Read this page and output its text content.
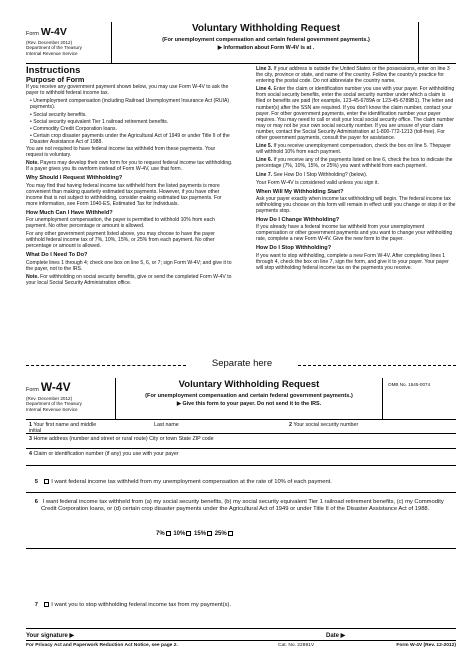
Form W-4V
(Rev. December 2012)
Department of the Treasury
Internal Revenue Service
Voluntary Withholding Request
(For unemployment compensation and certain federal government payments.)
▶ Information about Form W-4V is at .
Instructions
Purpose of Form
If you receive any government payment shown below, you may use Form W-4V to ask the payer to withhold federal income tax.
• Unemployment compensation (including Railroad Unemployment Insurance Act (RUIA) payments).
• Social security benefits.
• Social security equivalent Tier 1 railroad retirement benefits.
• Commodity Credit Corporation loans.
• Certain crop disaster payments under the Agricultural Act of 1949 or under Title II of the Disaster Assistance Act of 1988.
You are not required to have federal income tax withheld from these payments. Your request is voluntary.
Note. Payers may develop their own form for you to request federal income tax withholding. If a payer gives you its ownform instead of Form W-4V, use that form.
Why Should I Request Withholding?
You may find that having federal income tax withheld from the listed payments is more convenient than making quarterly estimated tax payments. However, if you have other income that is not subject to withholding, consider making estimated tax payments. For more information, see Form 1040-ES, Estimated Tax for Individuals.
How Much Can I Have Withheld?
For unemployment compensation, the payer is permitted to withhold 10% from each payment. No other percentage or amount is allowed.
For any other government payment listed above, you may choose to have the payer withhold federal income tax of 7%, 10%, 15%, or 25% from each payment. No other percentage or amount is allowed.
What Do I Need To Do?
Complete lines 1 through 4; check one box on line 5, 6, or 7; sign Form W-4V; and give it to the payer, not to the IRS.
Note. For withholding on social security benefits, give or send the completed Form W-4V to your local Social Security Administration office.
Line 3. If your address is outside the United States or the possessions, enter on line 3 the city, province or state, and name of the country. Follow the country's practice for entering the postal code. Do not abbreviate the country name.
Line 4. Enter the claim or identification number you use with your payer. For withholding from social security benefits, enter the social security number under which a claim is filed or benefits are paid (for example, 123-45-6789A or 123-45-6789B1). The letter and number(s) after the SSN are required. If you don't know the claim number, contact your payer. For other government payments, enter the identification number your payer requires. You may need to call or visit your local social security office. The claim number may or may not be your own social security number. If you are unsure of your claim number, contact the Social Security Administration at 1-800-772-1213 (toll-free). For other government payments, consult the payer for assistance.
Line 5. If you receive unemployment compensation, check the box on line 5. Thepayer will withhold 10% from each payment.
Line 6. If you receive any of the payments listed on line 6, check the box to indicate the percentage (7%, 10%, 15%, or 25%) you want withheld from each payment.
Line 7. See How Do I Stop Withholding? (below).
Your Form W-4V is considered valid unless you sign it.
When Will My Withholding Start?
Ask your payer exactly when income tax withholding will begin. The federal income tax withholding you choose on this form will remain in effect until you change or stop it or the payments stop.
How Do I Change Withholding?
If you already have a federal income tax withheld from your unemployment compensation or other government payments and you want to change your withholding rate, complete a new Form W-4V. Give the new form to the payer.
How Do I Stop Withholding?
If you want to stop withholding, complete a new Form W-4V. After completing lines 1 through 4, check the box on line 7, sign the form, and give it to your payer. Your payer will stop withholding federal income tax on the payments you receive.
Separate here
Form W-4V
(Rev. December 2012)
Department of the Treasury
Internal Revenue Service
Voluntary Withholding Request
(For unemployment compensation and certain federal government payments.)
▶ Give this form to your payer. Do not send it to the IRS.
OMB No. 1545-0074
1 Your first name and middle initial
Last name	2 Your social security number
3 Home address (number and street or rural route) City or town State ZIP code
4 Claim or identification number (if any) you use with your payer
5 I want federal income tax withheld from my unemployment compensation at the rate of 10% of each payment.
6 I want federal income tax withheld from (a) my social security benefits, (b) my social security equivalent Tier 1 railroad retirement benefits, (c) my Commodity Credit Corporation loans, or (d) certain crop disaster payments under the Agricultural Act of 1949 or under Title II of the Disaster Assistance Act of 1988.
7% 10% 15% 25%
7 I want you to stop withholding federal income tax from my payment(s).
Your signature ▶	Date ▶
For Privacy Act and Paperwork Reduction Act Notice, see page 2.	Cat. No. 22891V	Form W-4V (Rev. 12-2012)
